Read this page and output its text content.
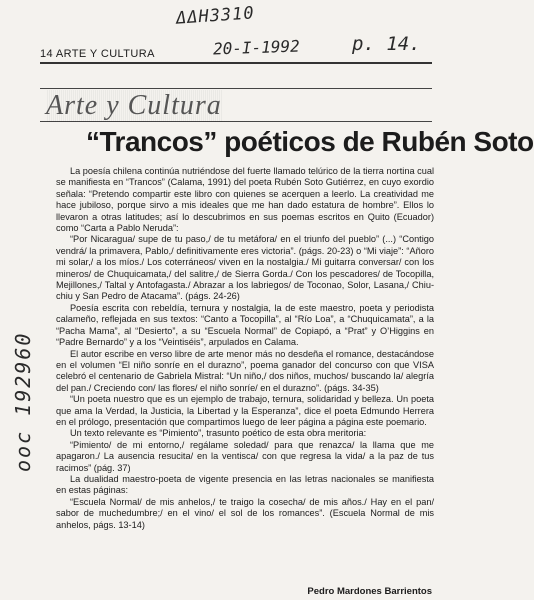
ΔΔH3310
20-I-1992	p. 14.
ooc 192960
14 ARTE Y CULTURA
Arte y Cultura
“Trancos” poéticos de Rubén Soto

La poesía chilena continúa nutriéndose del fuerte llamado telúrico de la tierra nortina cual se manifiesta en “Trancos” (Calama, 1991) del poeta Rubén Soto Gutiérrez, en cuyo exordio señala: “Pretendo compartir este libro con quienes se acerquen a leerlo. La creatividad me hace jubiloso, porque sirvo a mis ideales que me han dado estatura de hombre”. Ellos lo llevaron a otras latitudes; así lo descubrimos en sus poemas escritos en Quito (Ecuador) como “Carta a Pablo Neruda”:

“Por Nicaragua/ supe de tu paso,/ de tu metáfora/ en el triunfo del pueblo” (...) “Contigo vendrá/ la primavera, Pablo,/ definitivamente eres victoria”. (págs. 20-23) o “Mi viaje”: “Añoro mi solar,/ a los míos./ Los coterráneos/ viven en la nostalgia./ Mi guitarra conversar/ con los mineros/ de Chuquicamata,/ del salitre,/ de Sierra Gorda./ Con los pescadores/ de Tocopilla, Mejillones,/ Taltal y Antofagasta./ Abrazar a los labriegos/ de Toconao, Solor, Lasana,/ Chiu-chiu y San Pedro de Atacama”. (págs. 24-26)

Poesía escrita con rebeldía, ternura y nostalgia, la de este maestro, poeta y periodista calameño, reflejada en sus textos: “Canto a Tocopilla”, al “Río Loa”, a “Chuquicamata”, a la “Pacha Mama”, al “Desierto”, a su “Escuela Normal” de Copiapó, a “Prat” y O’Higgins en “Padre Bernardo” y a los “Veintiséis”, arpulados en Calama.

El autor escribe en verso libre de arte menor más no desdeña el romance, destacándose en el volumen “El niño sonríe en el durazno”, poema ganador del concurso con que VISA celebró el centenario de Gabriela Mistral: “Un niño,/ dos niños, muchos/ buscando la/ alegría del pan./ Creciendo con/ las flores/ el niño sonríe/ en el durazno”. (págs. 34-35)

“Un poeta nuestro que es un ejemplo de trabajo, ternura, solidaridad y belleza. Un poeta que ama la Verdad, la Justicia, la Libertad y la Esperanza”, dice el poeta Edmundo Herrera en el prólogo, presentación que compartimos luego de leer página a página este poemario.

Un texto relevante es “Pimiento”, trasunto poético de esta obra meritoria:

“Pimiento/ de mi entorno,/ regálame soledad/ para que renazca/ la llama que me apagaron./ La ausencia resucita/ en la ventisca/ con que regresa la vida/ a la paz de tus racimos” (pág. 37)

La dualidad maestro-poeta de vigente presencia en las letras nacionales se manifiesta en estas páginas:

“Escuela Normal/ de mis anhelos,/ te traigo la cosecha/ de mis años./ Hay en el pan/ sabor de muchedumbre;/ en el vino/ el sol de los romances”. (Escuela Normal de mis anhelos, págs. 13-14)

Pedro Mardones Barrientos
